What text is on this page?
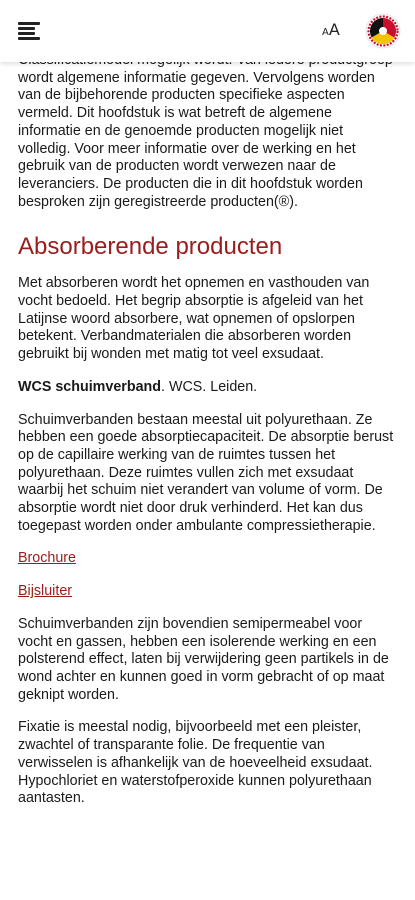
wordt algemene informatie gegeven. Vervolgens worden van de bijbehorende producten specifieke aspecten vermeld. Dit hoofdstuk is wat betreft de algemene informatie en de genoemde producten mogelijk niet volledig. Voor meer informatie over de werking en het gebruik van de producten wordt verwezen naar de leveranciers. De producten die in dit hoofdstuk worden besproken zijn geregistreerde producten(®).

Absorberende producten

Met absorberen wordt het opnemen en vasthouden van vocht bedoeld. Het begrip absorptie is afgeleid van het Latijnse woord absorbere, wat opnemen of opslorpen betekent. Verbandmaterialen die absorberen worden gebruikt bij wonden met matig tot veel exsudaat.

WCS schuimverband. WCS. Leiden.

Schuimverbanden bestaan meestal uit polyurethaan. Ze hebben een goede absorptiecapaciteit. De absorptie berust op de capillaire werking van de ruimtes tussen het polyurethaan. Deze ruimtes vullen zich met exsudaat waarbij het schuim niet verandert van volume of vorm. De absorptie wordt niet door druk verhinderd. Het kan dus toegepast worden onder ambulante compressietherapie.

Brochure

Bijsluiter

Schuimverbanden zijn bovendien semipermeabel voor vocht en gassen, hebben een isolerende werking en een polsterend effect, laten bij verwijdering geen partikels in de wond achter en kunnen goed in vorm gebracht of op maat geknipt worden.

Fixatie is meestal nodig, bijvoorbeeld met een pleister, zwachtel of transparante folie. De frequentie van verwisselen is afhankelijk van de hoeveelheid exsudaat. Hypochloriet en waterstofperoxide kunnen polyurethaan aantasten.

AA
